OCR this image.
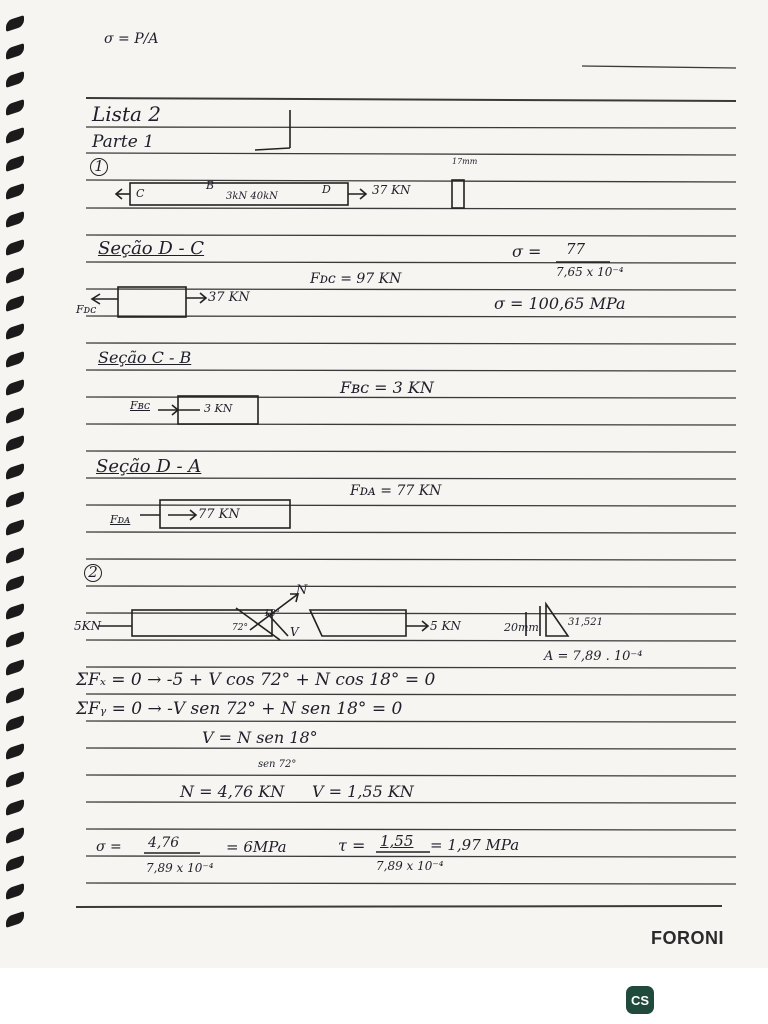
σ = P/A
Lista 2
Parte 1
1
C
B
3kN 40kN
D	37 KN
17mm
Seção D - C
Fᴅᴄ = 97 KN
37 KN
Fᴅᴄ
σ = 77
7,65 x 10⁻⁴
σ = 100,65 MPa
Seção C - B
Fʙᴄ = 3 KN
Fʙᴄ	3 KN
Seção D - A
Fᴅᴀ = 77 KN
Fᴅᴀ	77 KN
2
5KN	5 KN
N
V
72°
18°
20mm	31,521
A = 7,89 . 10⁻⁴
ΣFₓ = 0 → -5 + V cos 72° + N cos 18° = 0
ΣFᵧ = 0 → -V sen 72° + N sen 18° = 0
V = N sen 18°
sen 72°
N = 4,76 KN V = 1,55 KN
σ = 4,76
7,89 x 10⁻⁴
= 6MPa	τ = 1,55
7,89 x 10⁻⁴
= 1,97 MPa
FORONI
CS
